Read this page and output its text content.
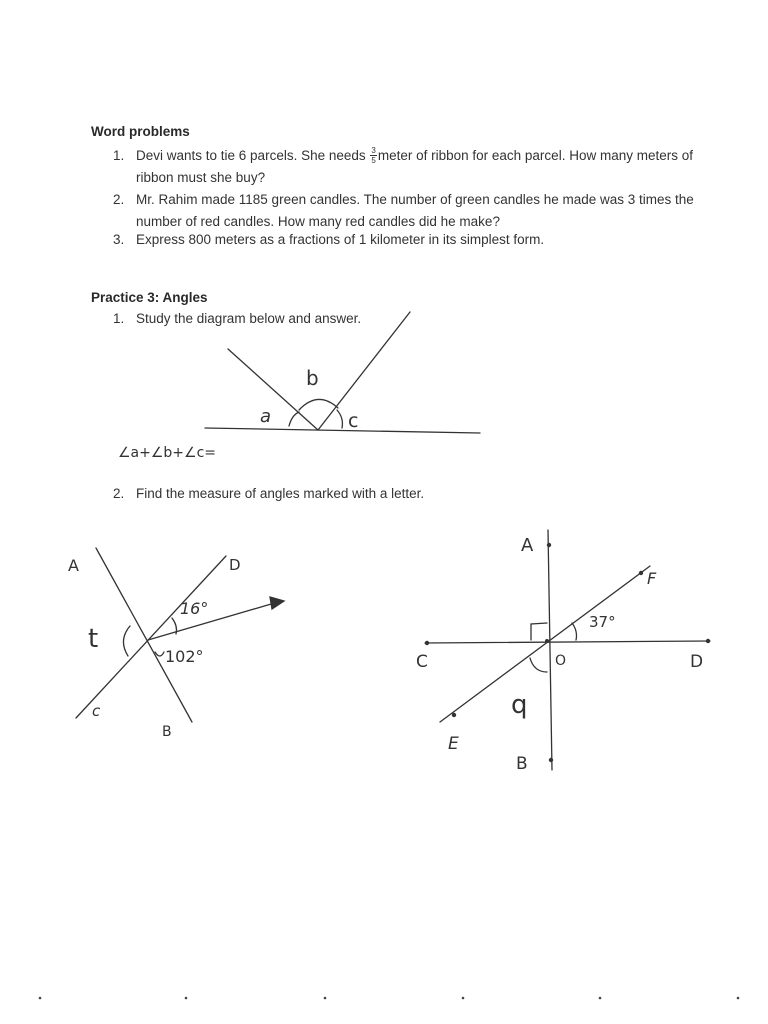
Word problems
1. Devi wants to tie 6 parcels. She needs $\frac{3}{5}$ meter of ribbon for each parcel. How many meters of ribbon must she buy?
2. Mr. Rahim made 1185 green candles. The number of green candles he made was 3 times the number of red candles. How many red candles did he make?
3. Express 800 meters as a fractions of 1 kilometer in its simplest form.
Practice 3: Angles
1. Study the diagram below and answer.
∠a+∠b+∠c=
2. Find the measure of angles marked with a letter.
a
b
c
A	D
c
B
t
16°
102°
A
F
C	D
O
E
B
q
37°
